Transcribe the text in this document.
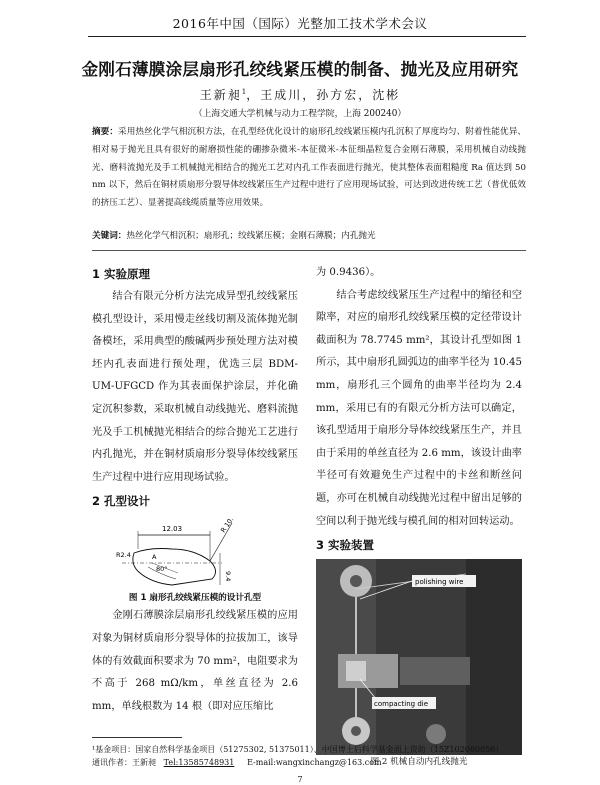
2016年中国（国际）光整加工技术学术会议
金刚石薄膜涂层扇形孔绞线紧压模的制备、抛光及应用研究
王新昶$^1$，王成川，孙方宏，沈彬
（上海交通大学机械与动力工程学院，上海 200240）
摘要：采用热丝化学气相沉积方法，在孔型经优化设计的扇形孔绞线紧压模内孔沉积了厚度均匀、附着性能优异、相对易于抛光且具有很好的耐磨损性能的硼掺杂微米-本征微米-本征细晶粒复合金刚石薄膜，采用机械自动线抛光、磨料流抛光及手工机械抛光相结合的抛光工艺对内孔工作表面进行抛光，使其整体表面粗糙度 Ra 值达到 50 nm 以下，然后在铜材质扇形分裂导体绞线紧压生产过程中进行了应用现场试验，可达到改进传统工艺（普优低效的挤压工艺）、显著提高线缆质量等应用效果。
关键词：热丝化学气相沉积；扇形孔；绞线紧压模；金刚石薄膜；内孔抛光

1 实验原理

结合有限元分析方法完成异型孔绞线紧压模孔型设计，采用慢走丝线切割及流体抛光制备模坯，采用典型的酸碱两步预处理方法对模坯内孔表面进行预处理，优选三层 BDM-UM-UFGCD 作为其表面保护涂层，并化确定沉积参数，采取机械自动线抛光、磨料流抛光及手工机械抛光相结合的综合抛光工艺进行内孔抛光，并在铜材质扇形分裂导体绞线紧压生产过程中进行应用现场试验。

2 孔型设计

12.03	R 10.45
9.4
R2.4
80°
A

图 1 扇形孔绞线紧压模的设计孔型

金刚石薄膜涂层扇形孔绞线紧压模的应用对象为铜材质扇形分裂导体的拉拔加工，该导体的有效截面积要求为 70 mm²，电阻要求为不高于 268 mΩ/km，单丝直径为 2.6 mm，单线根数为 14 根（即对应压缩比

为 0.9436）。

结合考虑绞线紧压生产过程中的缩径和空隙率，对应的扇形孔绞线紧压模的定径带设计截面积为 78.7745 mm²，其设计孔型如图 1 所示，其中扇形孔圆弧边的曲率半径为 10.45 mm，扇形孔三个圆角的曲率半径均为 2.4 mm，采用已有的有限元分析方法可以确定，该孔型适用于扇形分导体绞线紧压生产，并且由于采用的单丝直径为 2.6 mm，该设计曲率半径可有效避免生产过程中的卡丝和断丝问题，亦可在机械自动线抛光过程中留出足够的空间以利于抛光线与模孔间的相对回转运动。

3 实验装置

polishing wire
compacting die

图 2 机械自动内孔线抛光

¹基金项目：国家自然科学基金项目（51275302, 51375011）、中国博士后科学基金面上资助（15Z102060056）
通讯作者：王新昶 Tel:13585748931 E-mail:wangxinchangz@163.com
7
